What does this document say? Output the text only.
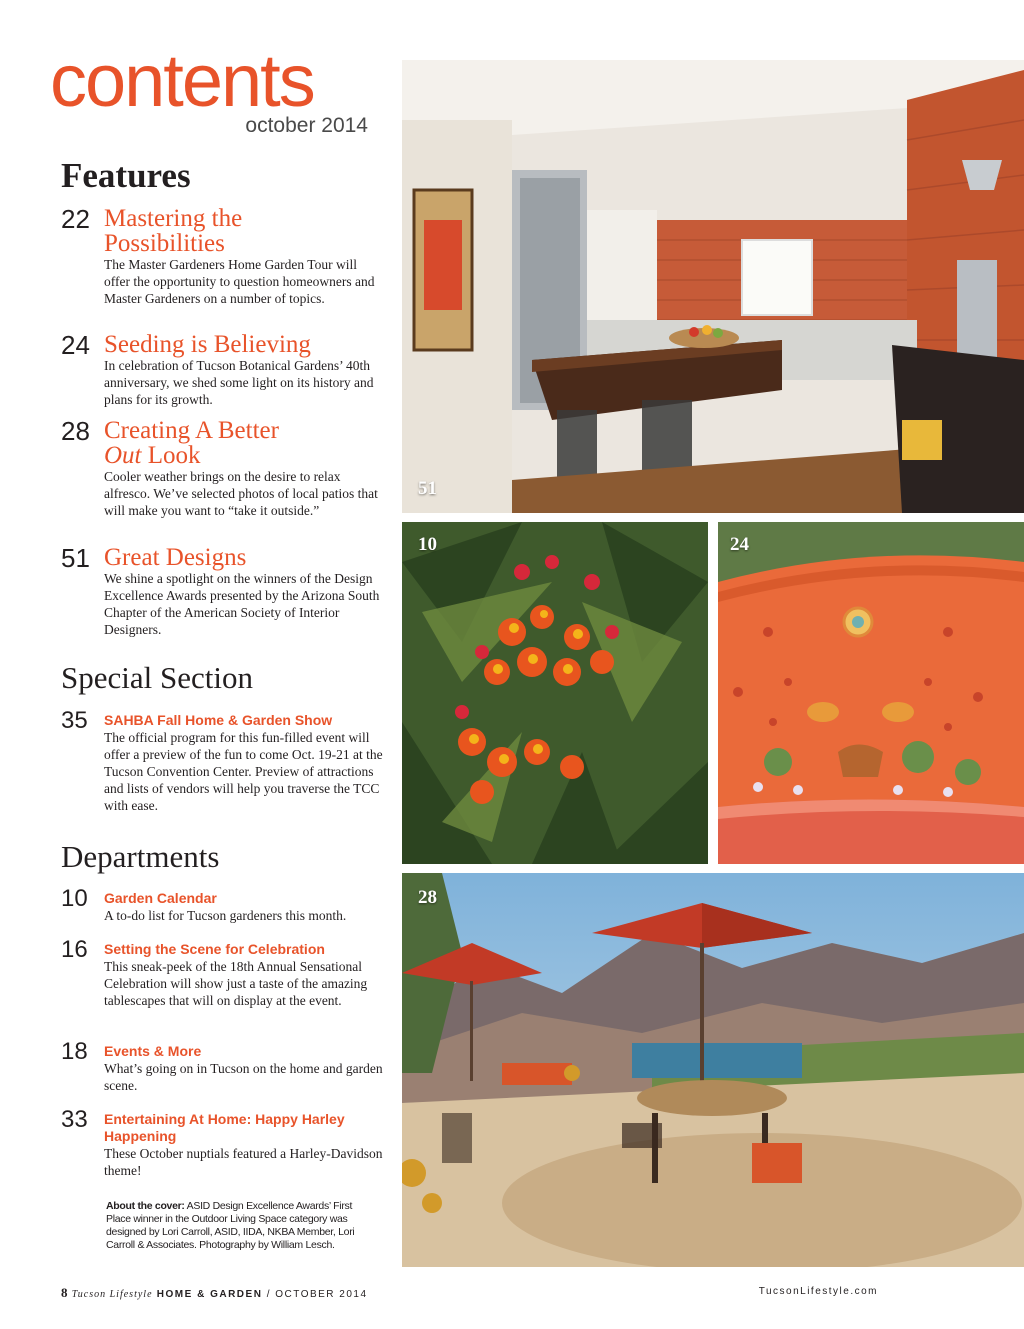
contents
october 2014
Features
22 Mastering the
Possibilities
The Master Gardeners Home Garden Tour will offer the opportunity to question homeowners and Master Gardeners on a number of topics.
24 Seeding is Believing
In celebration of Tucson Botanical Gardens’ 40th anniversary, we shed some light on its history and plans for its growth.
28 Creating A Better
Out Look
Cooler weather brings on the desire to relax alfresco. We’ve selected photos of local patios that will make you want to “take it outside.”
51 Great Designs
We shine a spotlight on the winners of the Design Excellence Awards presented by the Arizona South Chapter of the American Society of Interior Designers.
Special Section
35 SAHBA Fall Home & Garden Show
The official program for this fun-filled event will offer a preview of the fun to come Oct. 19-21 at the Tucson Convention Center. Preview of attractions and lists of vendors will help you traverse the TCC with ease.
Departments
10 Garden Calendar
A to-do list for Tucson gardeners this month.
16 Setting the Scene for Celebration
This sneak-peek of the 18th Annual Sensational Celebration will show just a taste of the amazing tablescapes that will on display at the event.
18 Events & More
What’s going on in Tucson on the home and garden scene.
33 Entertaining At Home: Happy Harley Happening
These October nuptials featured a Harley-Davidson theme!
About the cover: ASID Design Excellence Awards’ First Place winner in the Outdoor Living Space category was designed by Lori Carroll, ASID, IIDA, NKBA Member, Lori Carroll & Associates. Photography by William Lesch.
8 Tucson Lifestyle HOME & GARDEN / OCTOBER 2014	TucsonLifestyle.com
51
10	24
28
